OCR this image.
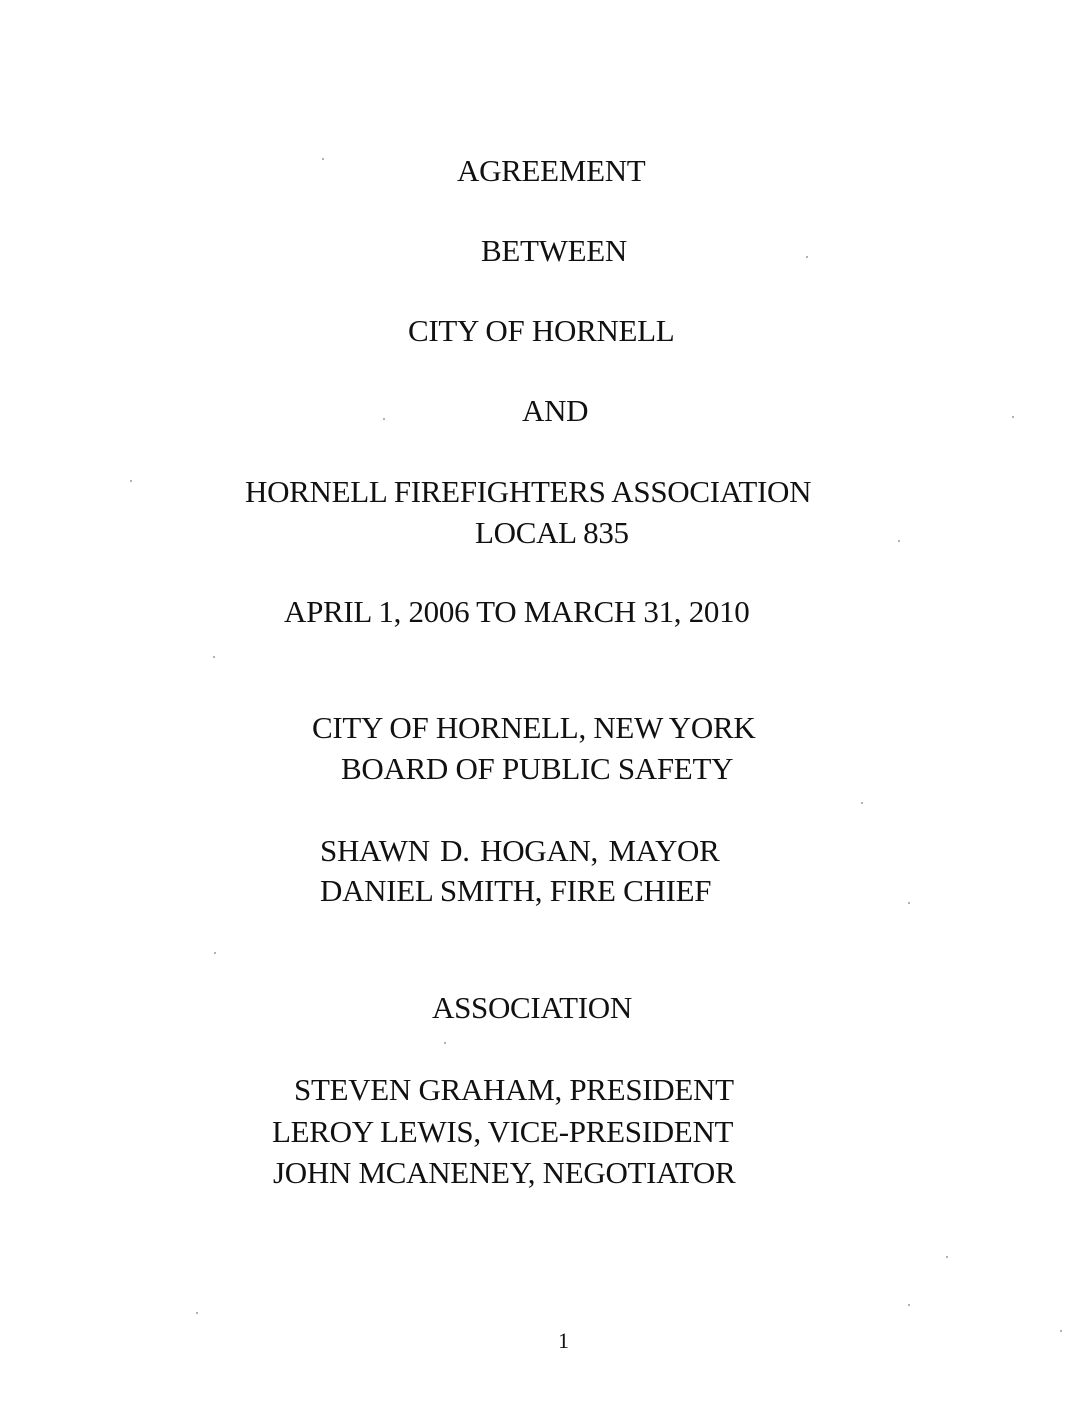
AGREEMENT
BETWEEN
CITY OF HORNELL
AND
HORNELL FIREFIGHTERS ASSOCIATION
LOCAL 835
APRIL 1, 2006 TO MARCH 31, 2010
CITY OF HORNELL, NEW YORK
BOARD OF PUBLIC SAFETY
SHAWN D. HOGAN, MAYOR
DANIEL SMITH, FIRE CHIEF
ASSOCIATION
STEVEN GRAHAM, PRESIDENT
LEROY LEWIS, VICE-PRESIDENT
JOHN MCANENEY, NEGOTIATOR
1
